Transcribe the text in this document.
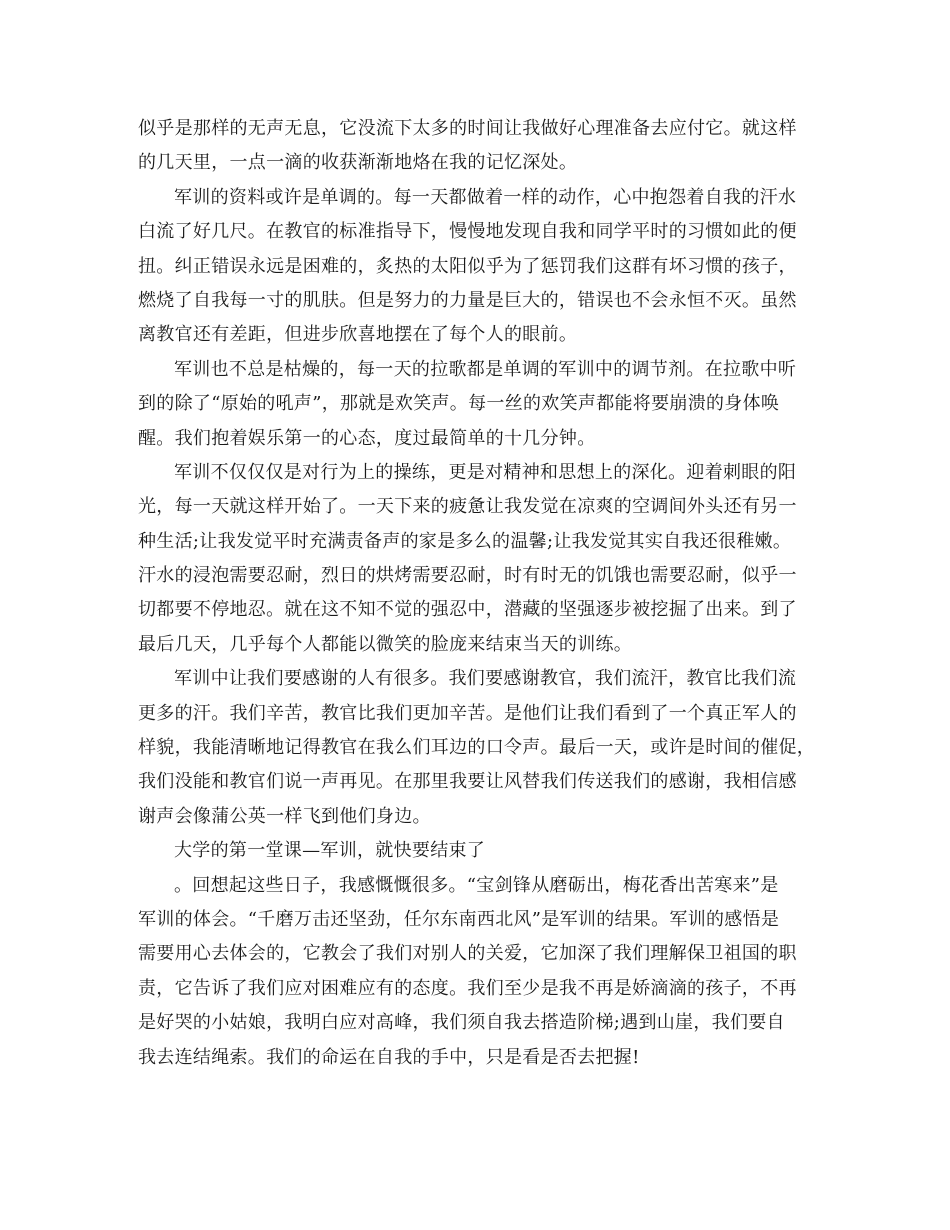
似乎是那样的无声无息，它没流下太多的时间让我做好心理准备去应付它。就这样
的几天里，一点一滴的收获渐渐地烙在我的记忆深处。
军训的资料或许是单调的。每一天都做着一样的动作，心中抱怨着自我的汗水
白流了好几尺。在教官的标准指导下，慢慢地发现自我和同学平时的习惯如此的便
扭。纠正错误永远是困难的，炙热的太阳似乎为了惩罚我们这群有坏习惯的孩子，
燃烧了自我每一寸的肌肤。但是努力的力量是巨大的，错误也不会永恒不灭。虽然
离教官还有差距，但进步欣喜地摆在了每个人的眼前。
军训也不总是枯燥的，每一天的拉歌都是单调的军训中的调节剂。在拉歌中听
到的除了“原始的吼声”，那就是欢笑声。每一丝的欢笑声都能将要崩溃的身体唤
醒。我们抱着娱乐第一的心态，度过最简单的十几分钟。
军训不仅仅仅是对行为上的操练，更是对精神和思想上的深化。迎着刺眼的阳
光，每一天就这样开始了。一天下来的疲惫让我发觉在凉爽的空调间外头还有另一
种生活;让我发觉平时充满责备声的家是多么的温馨;让我发觉其实自我还很稚嫩。
汗水的浸泡需要忍耐，烈日的烘烤需要忍耐，时有时无的饥饿也需要忍耐，似乎一
切都要不停地忍。就在这不知不觉的强忍中，潜藏的坚强逐步被挖掘了出来。到了
最后几天，几乎每个人都能以微笑的脸庞来结束当天的训练。
军训中让我们要感谢的人有很多。我们要感谢教官，我们流汗，教官比我们流
更多的汗。我们辛苦，教官比我们更加辛苦。是他们让我们看到了一个真正军人的
样貌，我能清晰地记得教官在我么们耳边的口令声。最后一天，或许是时间的催促，
我们没能和教官们说一声再见。在那里我要让风替我们传送我们的感谢，我相信感
谢声会像蒲公英一样飞到他们身边。
大学的第一堂课—军训，就快要结束了
。回想起这些日子，我感慨慨很多。“宝剑锋从磨砺出，梅花香出苦寒来”是
军训的体会。“千磨万击还坚劲，任尔东南西北风”是军训的结果。军训的感悟是
需要用心去体会的，它教会了我们对别人的关爱，它加深了我们理解保卫祖国的职
责，它告诉了我们应对困难应有的态度。我们至少是我不再是娇滴滴的孩子，不再
是好哭的小姑娘，我明白应对高峰，我们须自我去搭造阶梯;遇到山崖，我们要自
我去连结绳索。我们的命运在自我的手中，只是看是否去把握!
